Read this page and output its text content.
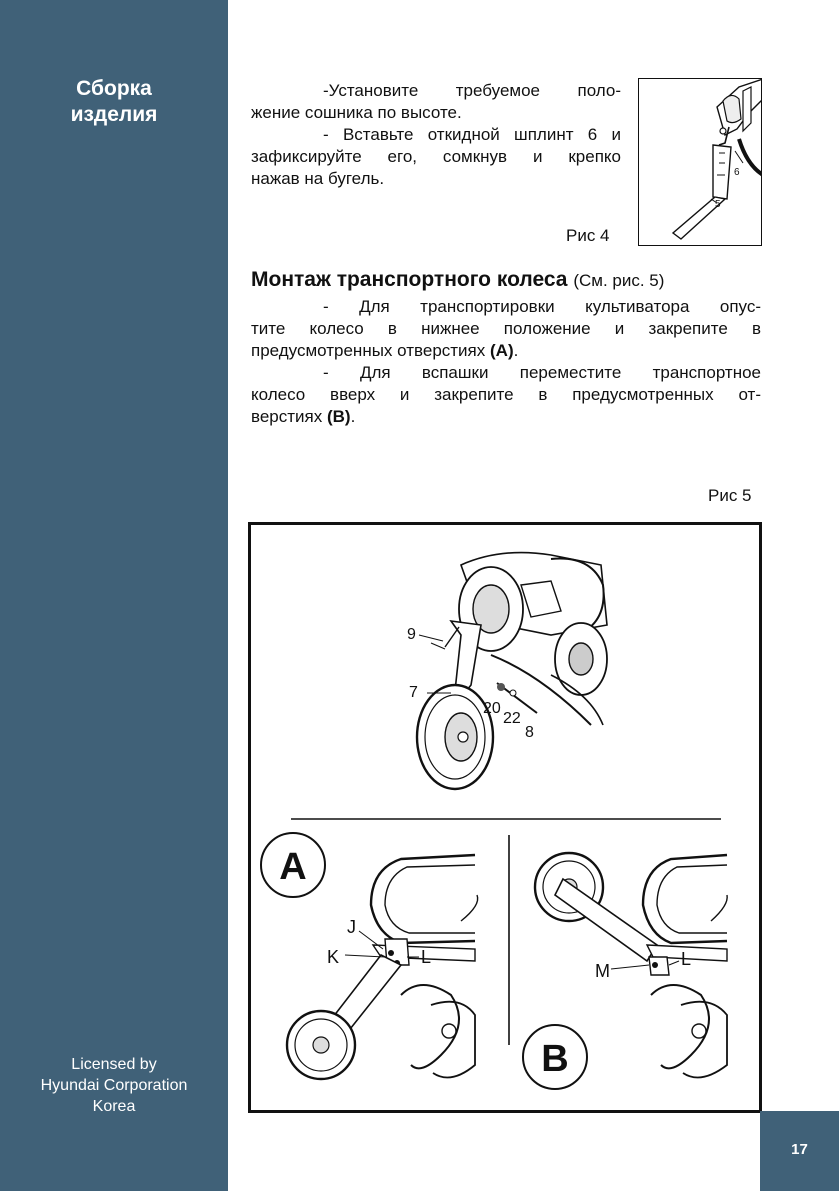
Сборка
изделия
Licensed by
Hyundai Corporation
Korea
-Установите требуемое поло-
жение сошника по высоте.
- Вставьте откидной шплинт 6 и
зафиксируйте его, сомкнув и крепко
нажав на бугель.
Рис 4
6
5
Монтаж транспортного колеса (См. рис. 5)
- Для транспортировки культиватора опус-
тите колесо в нижнее положение и закрепите в
предусмотренных отверстиях (A).
- Для вспашки переместите транспортное
колесо вверх и закрепите в предусмотренных от-
верстиях (B).
Рис 5
9
7
20
22
8
A
J
K	L
B
M
L
17
